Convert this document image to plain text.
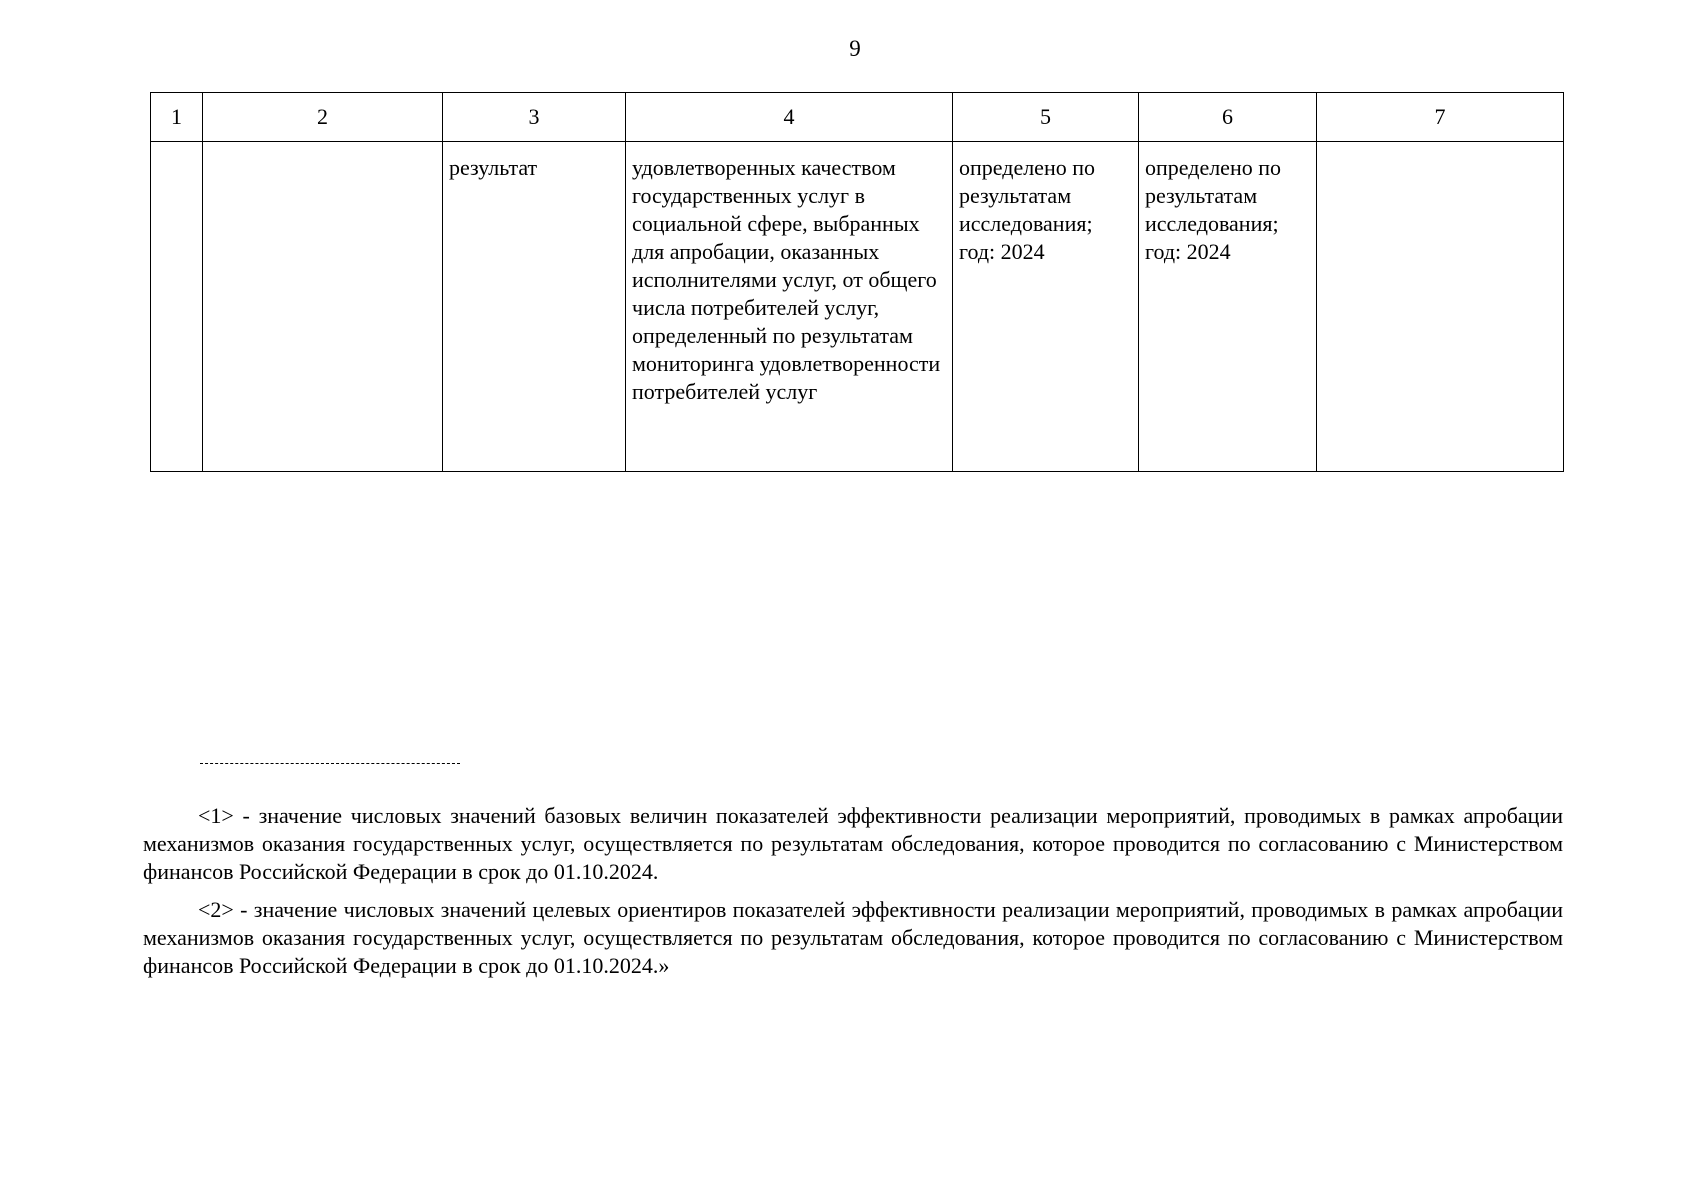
9
1	2	3	4	5	6	7
		результат	удовлетворенных качеством государственных услуг в социальной сфере, выбранных для апробации, оказанных исполнителями услуг, от общего числа потребителей услуг, определенный по результатам мониторинга удовлетворенности потребителей услуг	определено по результатам исследования; год: 2024	определено по результатам исследования; год: 2024	

<1> - значение числовых значений базовых величин показателей эффективности реализации мероприятий, проводимых в рамках апробации механизмов оказания государственных услуг, осуществляется по результатам обследования, которое проводится по согласованию с Министерством финансов Российской Федерации в срок до 01.10.2024.

<2> - значение числовых значений целевых ориентиров показателей эффективности реализации мероприятий, проводимых в рамках апробации механизмов оказания государственных услуг, осуществляется по результатам обследования, которое проводится по согласованию с Министерством финансов Российской Федерации в срок до 01.10.2024.»
